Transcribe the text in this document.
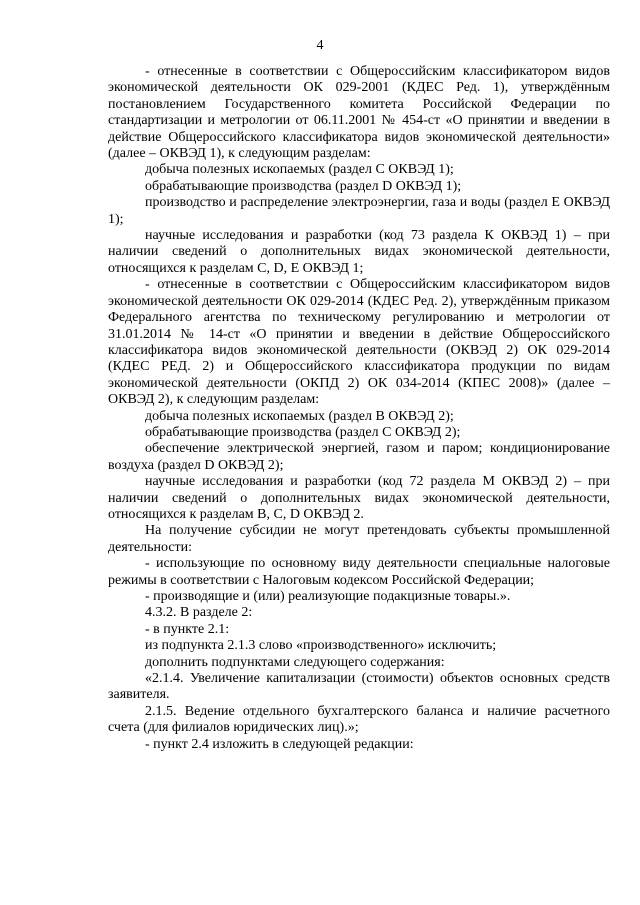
4

- отнесенные в соответствии с Общероссийским классификатором видов экономической деятельности ОК 029-2001 (КДЕС Ред. 1), утверждённым постановлением Государственного комитета Российской Федерации по стандартизации и метрологии от 06.11.2001 № 454-ст «О принятии и введении в действие Общероссийского классификатора видов экономической деятельности» (далее – ОКВЭД 1), к следующим разделам:

добыча полезных ископаемых (раздел С ОКВЭД 1);

обрабатывающие производства (раздел D ОКВЭД 1);

производство и распределение электроэнергии, газа и воды (раздел Е ОКВЭД 1);

научные исследования и разработки (код 73 раздела К ОКВЭД 1) – при наличии сведений о дополнительных видах экономической деятельности, относящихся к разделам С, D, Е ОКВЭД 1;

- отнесенные в соответствии с Общероссийским классификатором видов экономической деятельности ОК 029-2014 (КДЕС Ред. 2), утверждённым приказом Федерального агентства по техническому регулированию и метрологии от 31.01.2014 № 14-ст «О принятии и введении в действие Общероссийского классификатора видов экономической деятельности (ОКВЭД 2) ОК 029-2014 (КДЕС РЕД. 2) и Общероссийского классификатора продукции по видам экономической деятельности (ОКПД 2) ОК 034-2014 (КПЕС 2008)» (далее – ОКВЭД 2), к следующим разделам:

добыча полезных ископаемых (раздел В ОКВЭД 2);

обрабатывающие производства (раздел С ОКВЭД 2);

обеспечение электрической энергией, газом и паром; кондиционирование воздуха (раздел D ОКВЭД 2);

научные исследования и разработки (код 72 раздела М ОКВЭД 2) – при наличии сведений о дополнительных видах экономической деятельности, относящихся к разделам В, С, D ОКВЭД 2.

На получение субсидии не могут претендовать субъекты промышленной деятельности:

- использующие по основному виду деятельности специальные налоговые режимы в соответствии с Налоговым кодексом Российской Федерации;

- производящие и (или) реализующие подакцизные товары.».

4.3.2. В разделе 2:

- в пункте 2.1:

из подпункта 2.1.3 слово «производственного» исключить;

дополнить подпунктами следующего содержания:

«2.1.4. Увеличение капитализации (стоимости) объектов основных средств заявителя.

2.1.5. Ведение отдельного бухгалтерского баланса и наличие расчетного счета (для филиалов юридических лиц).»;

- пункт 2.4 изложить в следующей редакции:
